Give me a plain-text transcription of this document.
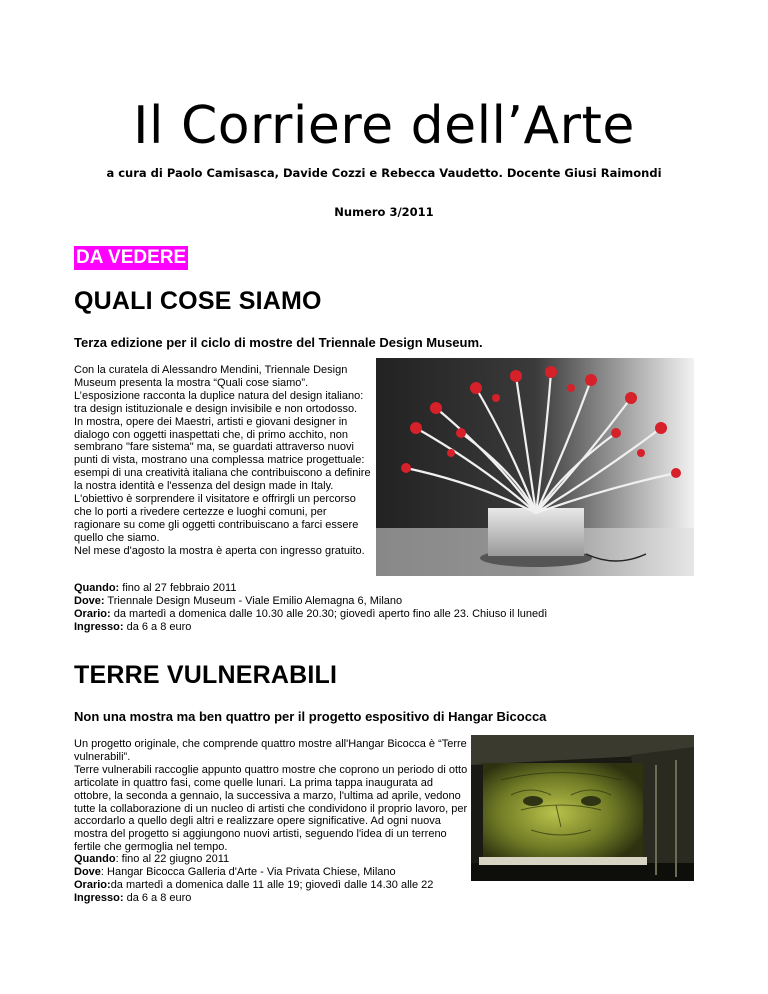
Il Corriere dell’Arte
a cura di Paolo Camisasca, Davide Cozzi e Rebecca Vaudetto. Docente Giusi Raimondi
Numero 3/2011
DA VEDERE
QUALI COSE SIAMO
Terza edizione per il ciclo di mostre del Triennale Design Museum.
Con la curatela di Alessandro Mendini, Triennale Design Museum presenta la mostra “Quali cose siamo”. L’esposizione racconta la duplice natura del design italiano: tra design istituzionale e design invisibile e non ortodosso.
In mostra, opere dei Maestri, artisti e giovani designer in dialogo con oggetti inaspettati che, di primo acchito, non sembrano "fare sistema" ma, se guardati attraverso nuovi punti di vista, mostrano una complessa matrice progettuale: esempi di una creatività italiana che contribuiscono a definire la nostra identità e l'essenza del design made in Italy. L'obiettivo è sorprendere il visitatore e offrirgli un percorso che lo porti a rivedere certezze e luoghi comuni, per ragionare su come gli oggetti contribuiscano a farci essere quello che siamo.
Nel mese d'agosto la mostra è aperta con ingresso gratuito.
Quando: fino al 27 febbraio 2011
Dove: Triennale Design Museum - Viale Emilio Alemagna 6, Milano
Orario: da martedì a domenica dalle 10.30 alle 20.30; giovedì aperto fino alle 23. Chiuso il lunedì
Ingresso: da 6 a 8 euro
TERRE VULNERABILI
Non una mostra ma ben quattro per il progetto espositivo di Hangar Bicocca
Un progetto originale, che comprende quattro mostre all'Hangar Bicocca è “Terre vulnerabili”.
Terre vulnerabili raccoglie appunto quattro mostre che coprono un periodo di otto articolate in quattro fasi, come quelle lunari. La prima tappa inaugurata ad ottobre, la seconda a gennaio, la successiva a marzo, l'ultima ad aprile, vedono tutte la collaborazione di un nucleo di artisti che condividono il proprio lavoro, per accordarlo a quello degli altri e realizzare opere significative. Ad ogni nuova mostra del progetto si aggiungono nuovi artisti, seguendo l'idea di un terreno fertile che germoglia nel tempo.
Quando: fino al 22 giugno 2011
Dove: Hangar Bicocca Galleria d'Arte - Via Privata Chiese, Milano
Orario:da martedì a domenica dalle 11 alle 19; giovedì dalle 14.30 alle 22
Ingresso: da 6 a 8 euro
